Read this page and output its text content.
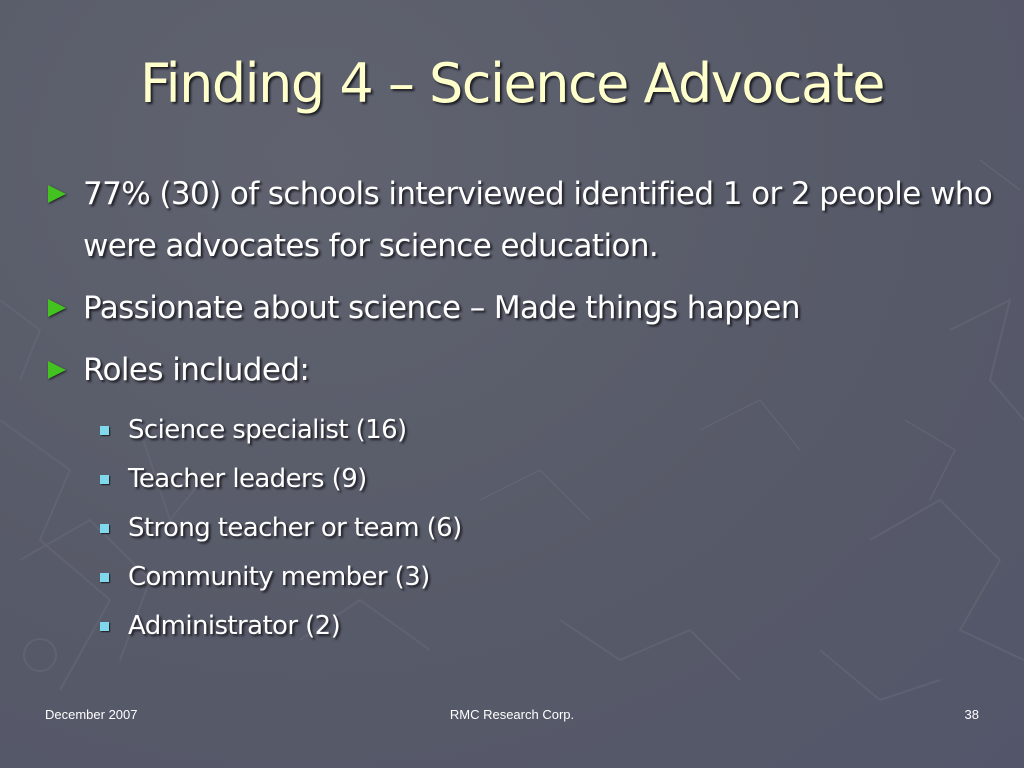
Finding 4 – Science Advocate
77% (30) of schools interviewed identified 1 or 2 people who were advocates for science education.
Passionate about science – Made things happen
Roles included:
Science specialist (16)
Teacher leaders (9)
Strong teacher or team (6)
Community member (3)
Administrator (2)
December 2007	RMC Research Corp.	38
